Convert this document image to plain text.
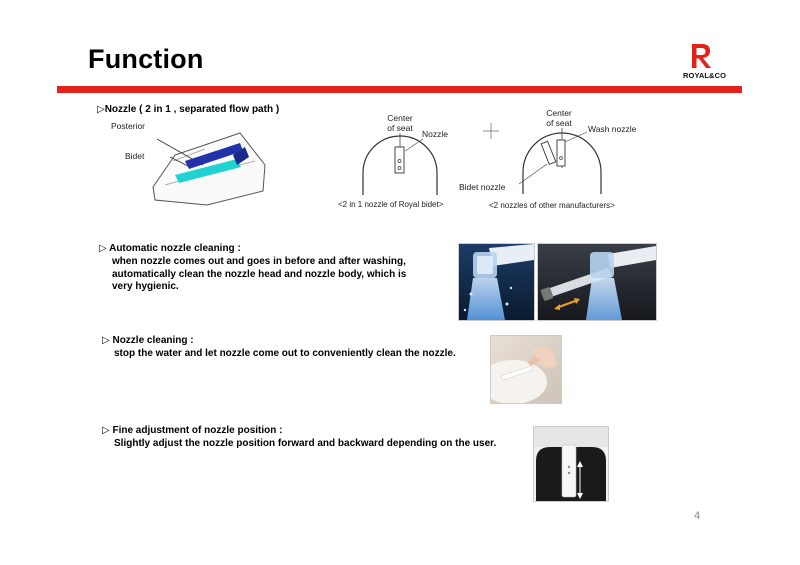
Function
ROYAL&CO
▷Nozzle ( 2 in 1 , separated flow path )
Posterior
Bidet
Center
of seat
Nozzle
<2 in 1 nozzle of Royal bidet>
Center
of seat
Wash nozzle
Bidet nozzle
<2 nozzles of other manufacturers>
▷ Automatic nozzle cleaning :
when nozzle comes out and goes in before and after washing,
automatically clean the nozzle head and nozzle body, which is
very hygienic.
▷ Nozzle cleaning :
stop the water and let nozzle come out to conveniently clean the nozzle.
▷ Fine adjustment of nozzle position :
Slightly adjust the nozzle position forward and backward depending on the user.
4
